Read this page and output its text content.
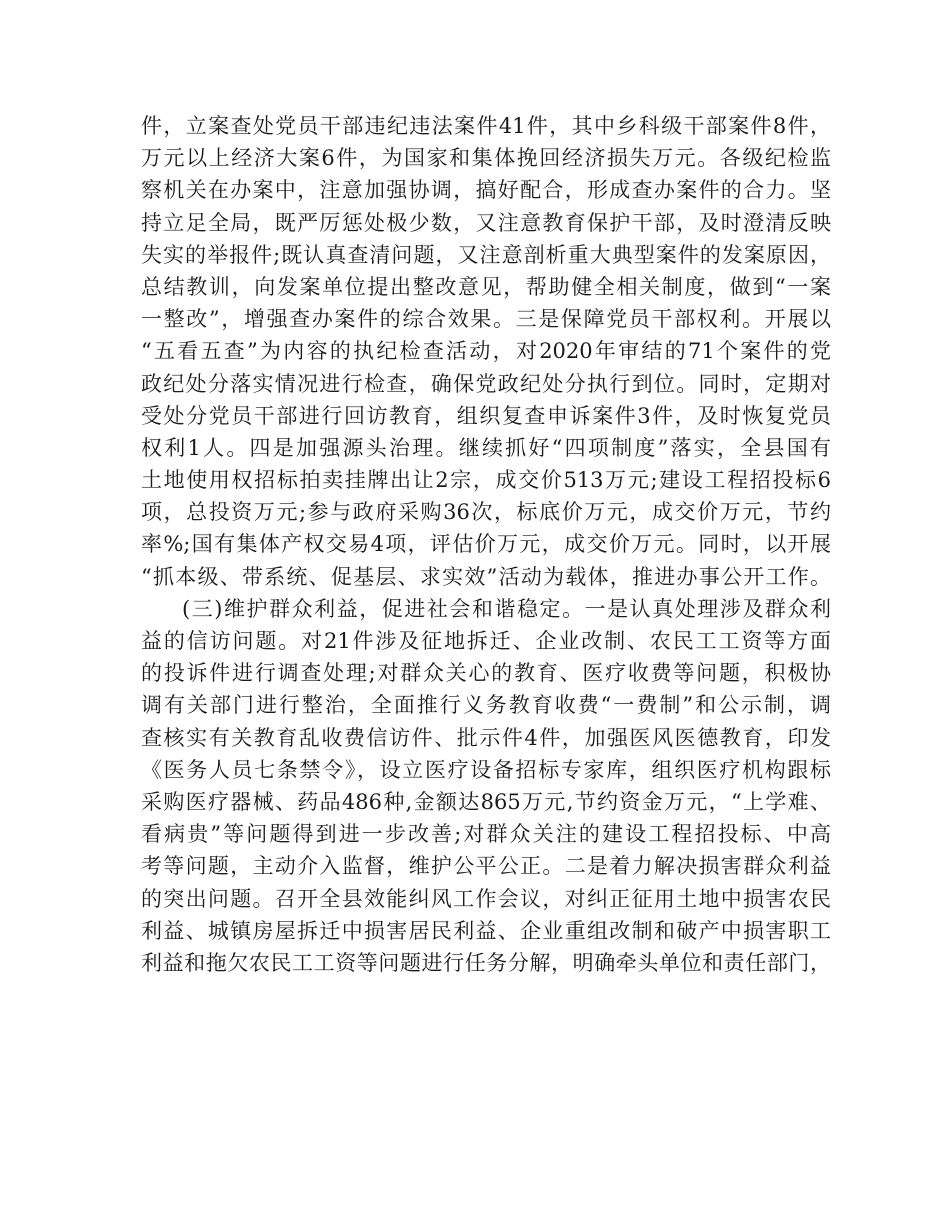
件，立案查处党员干部违纪违法案件41件，其中乡科级干部案件8件，
万元以上经济大案6件，为国家和集体挽回经济损失万元。各级纪检监
察机关在办案中，注意加强协调，搞好配合，形成查办案件的合力。坚
持立足全局，既严厉惩处极少数，又注意教育保护干部，及时澄清反映
失实的举报件;既认真查清问题，又注意剖析重大典型案件的发案原因，
总结教训，向发案单位提出整改意见，帮助健全相关制度，做到“一案
一整改”，增强查办案件的综合效果。三是保障党员干部权利。开展以
“五看五查”为内容的执纪检查活动，对2020年审结的71个案件的党
政纪处分落实情况进行检查，确保党政纪处分执行到位。同时，定期对
受处分党员干部进行回访教育，组织复查申诉案件3件，及时恢复党员
权利1人。四是加强源头治理。继续抓好“四项制度”落实，全县国有
土地使用权招标拍卖挂牌出让2宗，成交价513万元;建设工程招投标6
项，总投资万元;参与政府采购36次，标底价万元，成交价万元，节约
率%;国有集体产权交易4项，评估价万元，成交价万元。同时，以开展
“抓本级、带系统、促基层、求实效”活动为载体，推进办事公开工作。
(三)维护群众利益，促进社会和谐稳定。一是认真处理涉及群众利
益的信访问题。对21件涉及征地拆迁、企业改制、农民工工资等方面
的投诉件进行调查处理;对群众关心的教育、医疗收费等问题，积极协
调有关部门进行整治，全面推行义务教育收费“一费制”和公示制，调
查核实有关教育乱收费信访件、批示件4件，加强医风医德教育，印发
《医务人员七条禁令》，设立医疗设备招标专家库，组织医疗机构跟标
采购医疗器械、药品486种,金额达865万元,节约资金万元，“上学难、
看病贵”等问题得到进一步改善;对群众关注的建设工程招投标、中高
考等问题，主动介入监督，维护公平公正。二是着力解决损害群众利益
的突出问题。召开全县效能纠风工作会议，对纠正征用土地中损害农民
利益、城镇房屋拆迁中损害居民利益、企业重组改制和破产中损害职工
利益和拖欠农民工工资等问题进行任务分解，明确牵头单位和责任部门，
